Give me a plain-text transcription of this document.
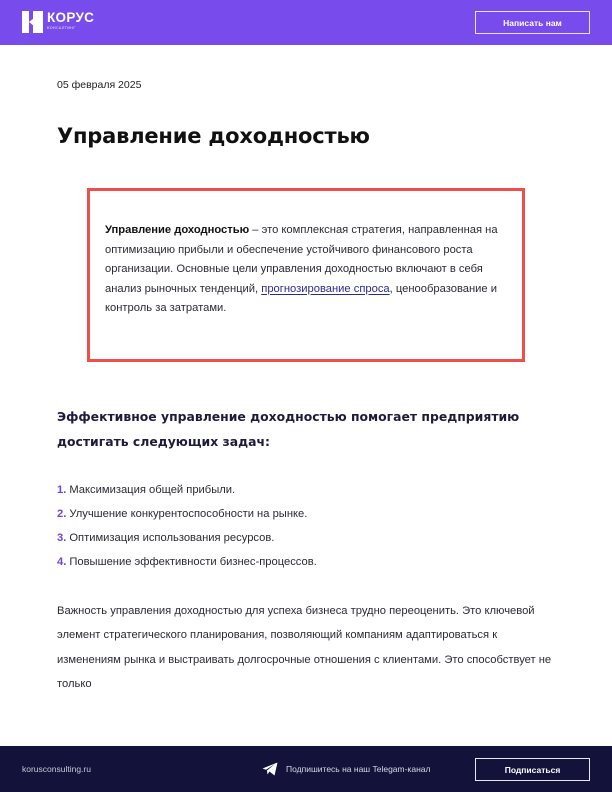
КОРУС
КОНСАЛТИНГ
Написать нам
05 февраля 2025
Управление доходностью

Управление доходностью – это комплексная стратегия, направленная на оптимизацию прибыли и обеспечение устойчивого финансового роста организации. Основные цели управления доходностью включают в себя анализ рыночных тенденций, прогнозирование спроса, ценообразование и контроль за затратами.

Эффективное управление доходностью помогает предприятию достигать следующих задач:
1. Максимизация общей прибыли.
2. Улучшение конкурентоспособности на рынке.
3. Оптимизация использования ресурсов.
4. Повышение эффективности бизнес-процессов.

Важность управления доходностью для успеха бизнеса трудно переоценить. Это ключевой элемент стратегического планирования, позволяющий компаниям адаптироваться к изменениям рынка и выстраивать долгосрочные отношения с клиентами. Это способствует не только

korusconsulting.ru	Подпишитесь на наш Telegam-канал	Подписаться
